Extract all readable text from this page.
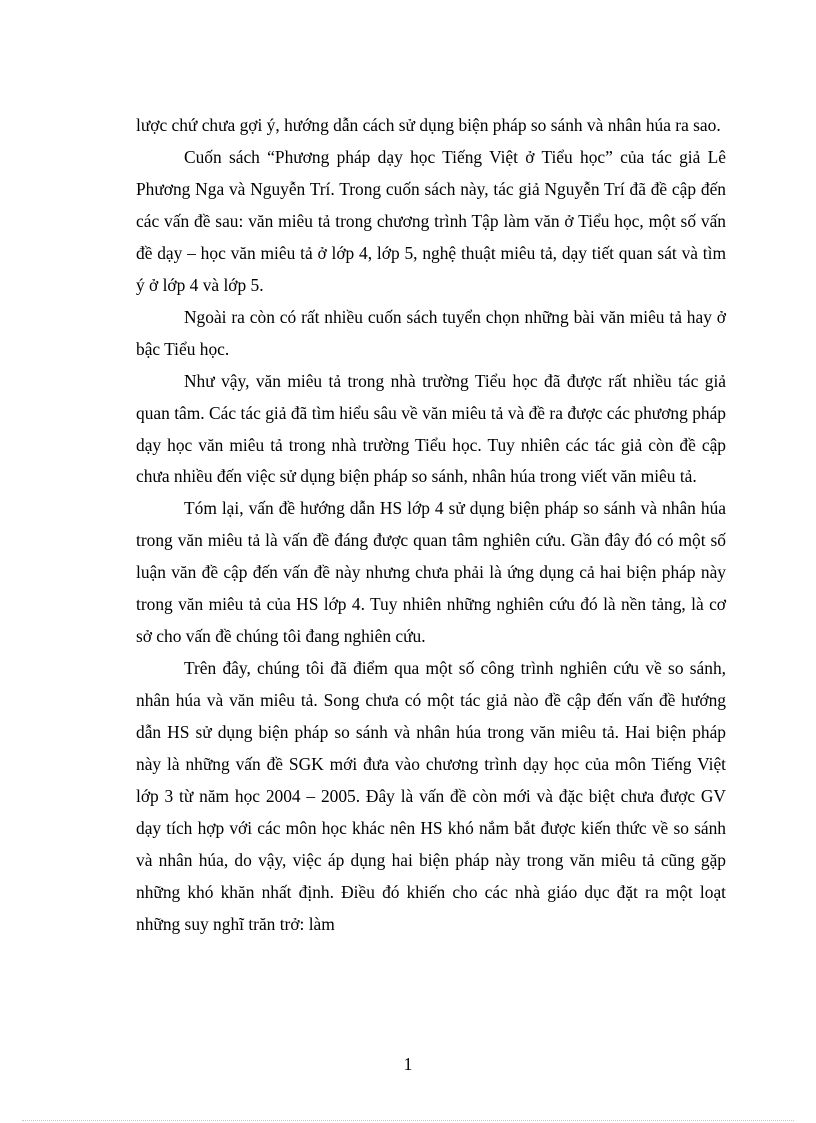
lược chứ chưa gợi ý, hướng dẫn cách sử dụng biện pháp so sánh và nhân húa ra sao.

Cuốn sách “Phương pháp dạy học Tiếng Việt ở Tiểu học” của tác giả Lê Phương Nga và Nguyễn Trí. Trong cuốn sách này, tác giả Nguyễn Trí đã đề cập đến các vấn đề sau: văn miêu tả trong chương trình Tập làm văn ở Tiểu học, một số vấn đề dạy – học văn miêu tả ở lớp 4, lớp 5, nghệ thuật miêu tả, dạy tiết quan sát và tìm ý ở lớp 4 và lớp 5.

Ngoài ra còn có rất nhiều cuốn sách tuyển chọn những bài văn miêu tả hay ở bậc Tiểu học.

Như vậy, văn miêu tả trong nhà trường Tiểu học đã được rất nhiều tác giả quan tâm. Các tác giả đã tìm hiểu sâu về văn miêu tả và đề ra được các phương pháp dạy học văn miêu tả trong nhà trường Tiểu học. Tuy nhiên các tác giả còn đề cập chưa nhiều đến việc sử dụng biện pháp so sánh, nhân húa trong viết văn miêu tả.

Tóm lại, vấn đề hướng dẫn HS lớp 4 sử dụng biện pháp so sánh và nhân húa trong văn miêu tả là vấn đề đáng được quan tâm nghiên cứu. Gần đây đó có một số luận văn đề cập đến vấn đề này nhưng chưa phải là ứng dụng cả hai biện pháp này trong văn miêu tả của HS lớp 4. Tuy nhiên những nghiên cứu đó là nền tảng, là cơ sở cho vấn đề chúng tôi đang nghiên cứu.

Trên đây, chúng tôi đã điểm qua một số công trình nghiên cứu về so sánh, nhân húa và văn miêu tả. Song chưa có một tác giả nào đề cập đến vấn đề hướng dẫn HS sử dụng biện pháp so sánh và nhân húa trong văn miêu tả. Hai biện pháp này là những vấn đề SGK mới đưa vào chương trình dạy học của môn Tiếng Việt lớp 3 từ năm học 2004 – 2005. Đây là vấn đề còn mới và đặc biệt chưa được GV dạy tích hợp với các môn học khác nên HS khó nắm bắt được kiến thức về so sánh và nhân húa, do vậy, việc áp dụng hai biện pháp này trong văn miêu tả cũng gặp những khó khăn nhất định. Điều đó khiến cho các nhà giáo dục đặt ra một loạt những suy nghĩ trăn trở: làm

1
